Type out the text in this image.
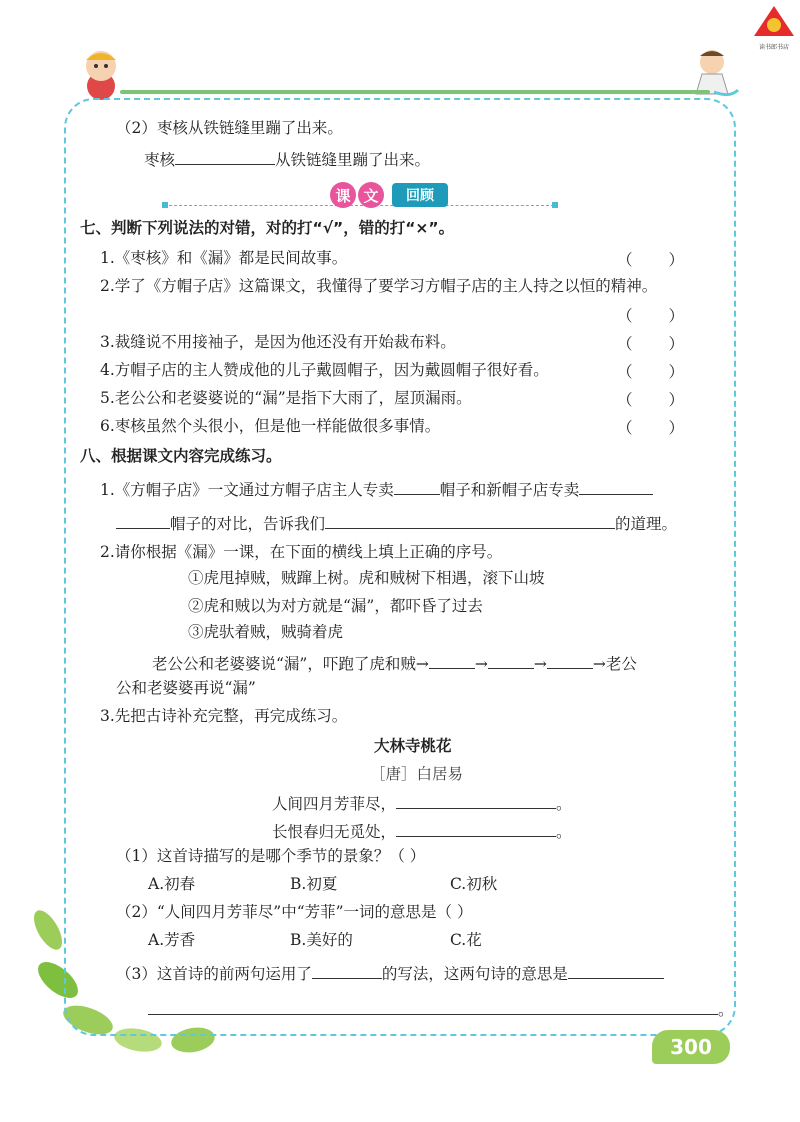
读书郎书店
（2）枣核从铁链缝里蹦了出来。
枣核	从铁链缝里蹦了出来。
课 文	回顾
七、判断下列说法的对错，对的打“√”，错的打“×”。
1.《枣核》和《漏》都是民间故事。	（）
2.学了《方帽子店》这篇课文，我懂得了要学习方帽子店的主人持之以恒的精神。
（）
3.裁缝说不用接袖子，是因为他还没有开始裁布料。	（）
4.方帽子店的主人赞成他的儿子戴圆帽子，因为戴圆帽子很好看。	（）
5.老公公和老婆婆说的“漏”是指下大雨了，屋顶漏雨。	（）
6.枣核虽然个头很小，但是他一样能做很多事情。	（）
八、根据课文内容完成练习。
1.《方帽子店》一文通过方帽子店主人专卖	帽子和新帽子店专卖
帽子的对比，告诉我们	的道理。
2.请你根据《漏》一课，在下面的横线上填上正确的序号。
①虎甩掉贼，贼蹿上树。虎和贼树下相遇，滚下山坡
②虎和贼以为对方就是“漏”，都吓昏了过去
③虎驮着贼，贼骑着虎
老公公和老婆婆说“漏”，吓跑了虎和贼→	→	→	→老公
公和老婆婆再说“漏”
3.先把古诗补充完整，再完成练习。
大林寺桃花
［唐］白居易
人间四月芳菲尽，	。
长恨春归无觅处，	。
（1）这首诗描写的是哪个季节的景象？（ ）
A.初春	B.初夏	C.初秋
（2）“人间四月芳菲尽”中“芳菲”一词的意思是（ ）
A.芳香	B.美好的	C.花
（3）这首诗的前两句运用了	的写法，这两句诗的意思是
。
300
